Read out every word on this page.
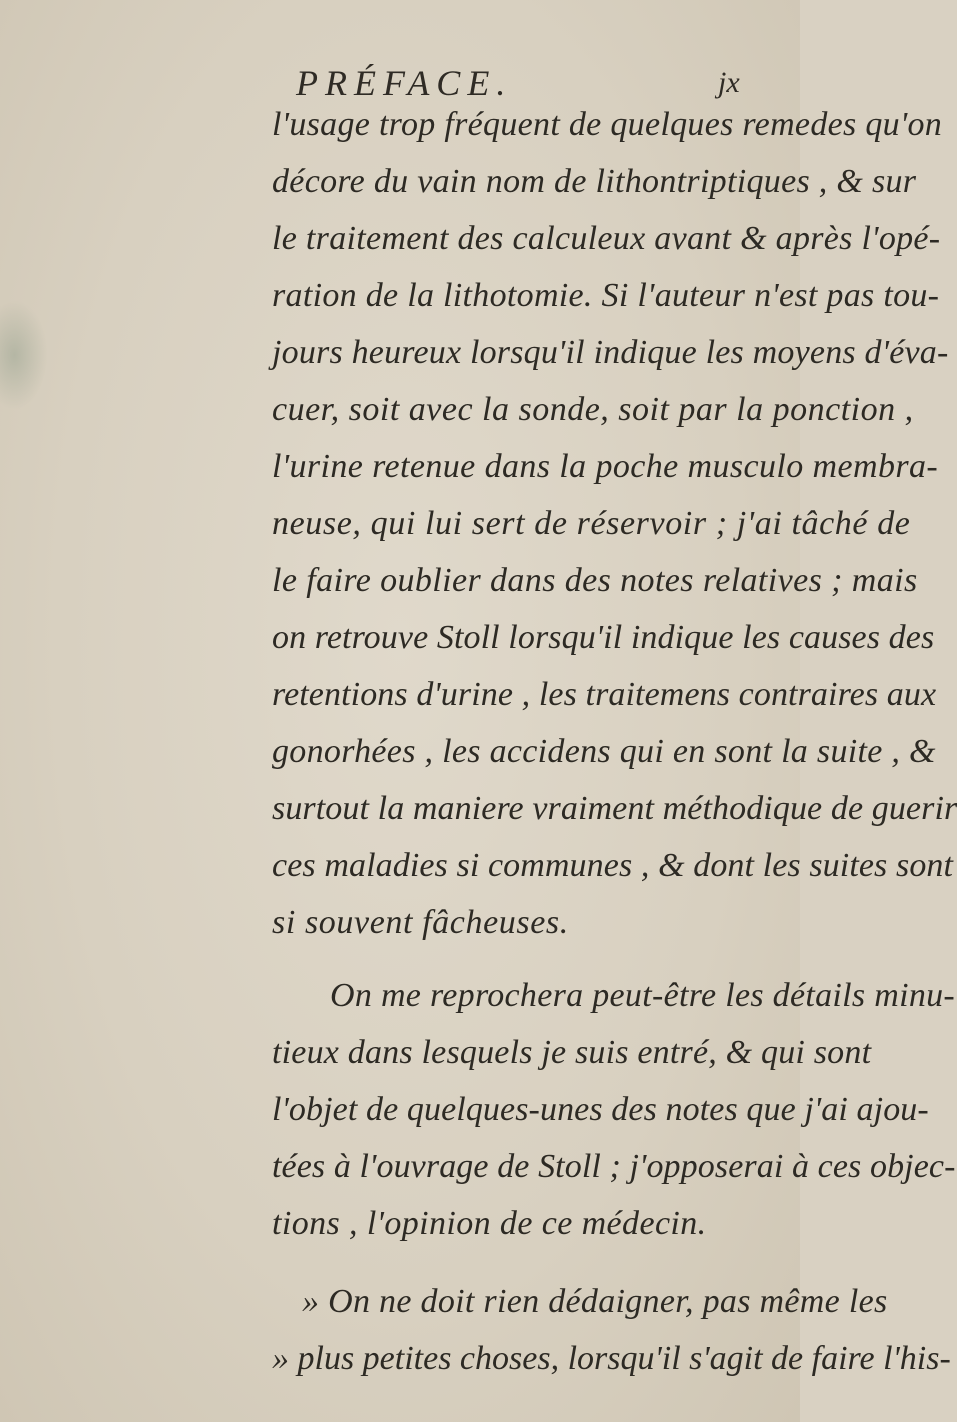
PRÉFACE.	jx
l'usage trop fréquent de quelques remedes qu'on
décore du vain nom de lithontriptiques , & sur
le traitement des calculeux avant & après l'opé-
ration de la lithotomie. Si l'auteur n'est pas tou-
jours heureux lorsqu'il indique les moyens d'éva-
cuer, soit avec la sonde, soit par la ponction ,
l'urine retenue dans la poche musculo membra-
neuse, qui lui sert de réservoir ; j'ai tâché de
le faire oublier dans des notes relatives ; mais
on retrouve Stoll lorsqu'il indique les causes des
retentions d'urine , les traitemens contraires aux
gonorhées , les accidens qui en sont la suite , &
surtout la maniere vraiment méthodique de guerir
ces maladies si communes , & dont les suites sont
si souvent fâcheuses.
On me reprochera peut-être les détails minu-
tieux dans lesquels je suis entré, & qui sont
l'objet de quelques-unes des notes que j'ai ajou-
tées à l'ouvrage de Stoll ; j'opposerai à ces objec-
tions , l'opinion de ce médecin.
» On ne doit rien dédaigner, pas même les
» plus petites choses, lorsqu'il s'agit de faire l'his-
